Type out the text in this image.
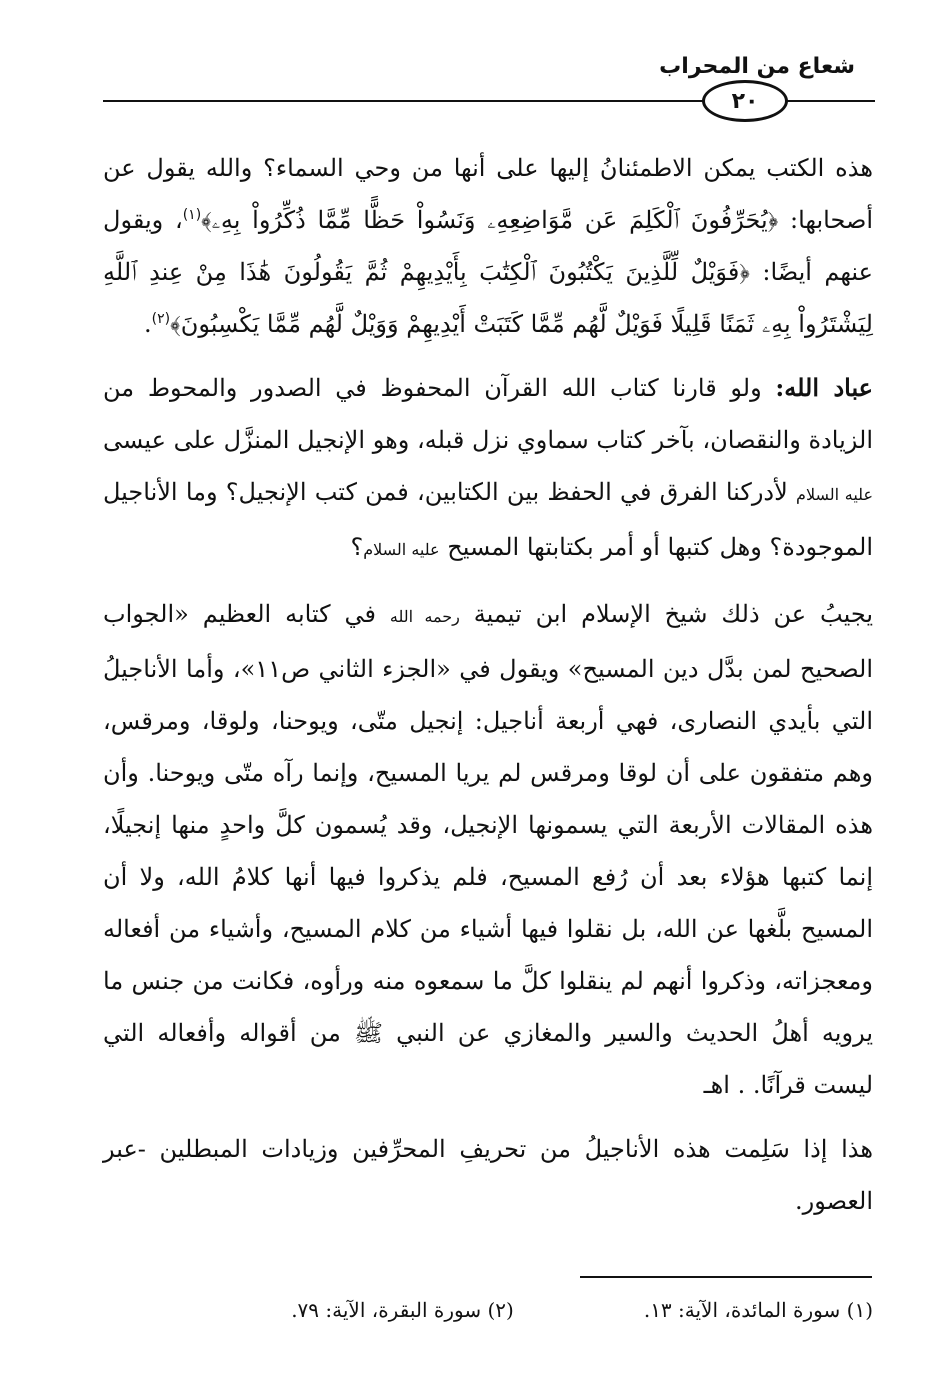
شعاع من المحراب
٢٠

هذه الكتب يمكن الاطمئنانُ إليها على أنها من وحي السماء؟ والله يقول عن أصحابها: ﴿يُحَرِّفُونَ ٱلْكَلِمَ عَن مَّوَاضِعِهِۦ وَنَسُواْ حَظًّا مِّمَّا ذُكِّرُواْ بِهِۦ﴾$^{(١)}$، ويقول عنهم أيضًا: ﴿فَوَيْلٌ لِّلَّذِينَ يَكْتُبُونَ ٱلْكِتَٰبَ بِأَيْدِيهِمْ ثُمَّ يَقُولُونَ هَٰذَا مِنْ عِندِ ٱللَّهِ لِيَشْتَرُواْ بِهِۦ ثَمَنًا قَلِيلًا فَوَيْلٌ لَّهُم مِّمَّا كَتَبَتْ أَيْدِيهِمْ وَوَيْلٌ لَّهُم مِّمَّا يَكْسِبُونَ﴾$^{(٢)}$.

عباد الله: ولو قارنا كتاب الله القرآن المحفوظ في الصدور والمحوط من الزيادة والنقصان، بآخر كتاب سماوي نزل قبله، وهو الإنجيل المنزَّل على عيسى عليه السلام لأدركنا الفرق في الحفظ بين الكتابين، فمن كتب الإنجيل؟ وما الأناجيل الموجودة؟ وهل كتبها أو أمر بكتابتها المسيح عليه السلام؟

يجيبُ عن ذلك شيخ الإسلام ابن تيمية رحمه الله في كتابه العظيم «الجواب الصحيح لمن بدَّل دين المسيح» ويقول في «الجزء الثاني ص١١»، وأما الأناجيلُ التي بأيدي النصارى، فهي أربعة أناجيل: إنجيل متّى، ويوحنا، ولوقا، ومرقس، وهم متفقون على أن لوقا ومرقس لم يريا المسيح، وإنما رآه متّى ويوحنا. وأن هذه المقالات الأربعة التي يسمونها الإنجيل، وقد يُسمون كلَّ واحدٍ منها إنجيلًا، إنما كتبها هؤلاء بعد أن رُفع المسيح، فلم يذكروا فيها أنها كلامُ الله، ولا أن المسيح بلَّغها عن الله، بل نقلوا فيها أشياء من كلام المسيح، وأشياء من أفعاله ومعجزاته، وذكروا أنهم لم ينقلوا كلَّ ما سمعوه منه ورأوه، فكانت من جنس ما يرويه أهلُ الحديث والسير والمغازي عن النبي ﷺ من أقواله وأفعاله التي ليست قرآنًا. . اهـ

هذا إذا سَلِمت هذه الأناجيلُ من تحريفِ المحرِّفين وزيادات المبطلين -عبر العصور.

(١) سورة المائدة، الآية: ١٣.
(٢) سورة البقرة، الآية: ٧٩.
